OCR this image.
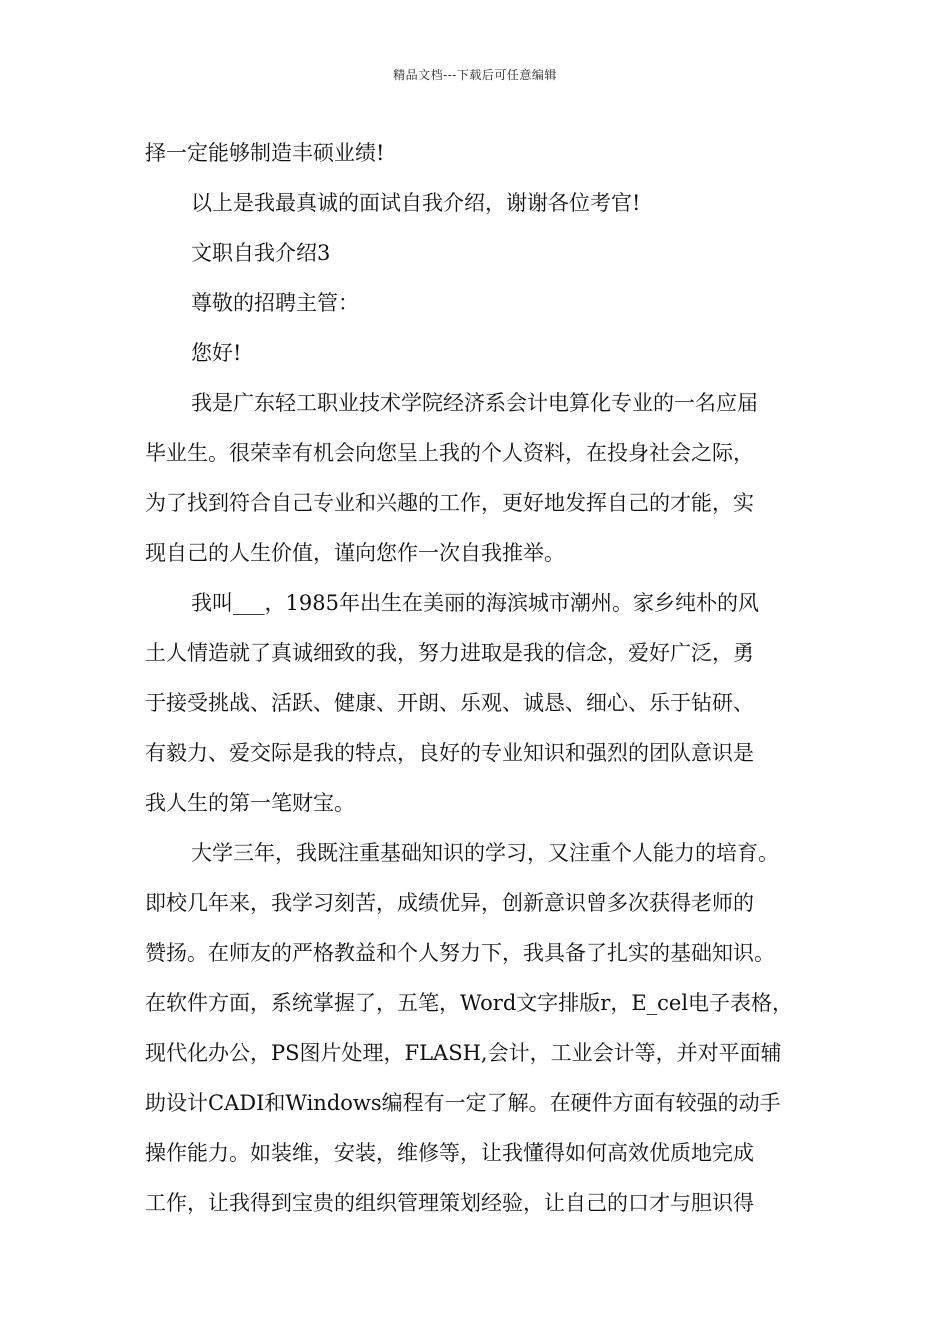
精品文档---下载后可任意编辑
择一定能够制造丰硕业绩!
以上是我最真诚的面试自我介绍，谢谢各位考官!
文职自我介绍3
尊敬的招聘主管：
您好!
我是广东轻工职业技术学院经济系会计电算化专业的一名应届
毕业生。很荣幸有机会向您呈上我的个人资料，在投身社会之际，
为了找到符合自己专业和兴趣的工作，更好地发挥自己的才能，实
现自己的人生价值，谨向您作一次自我推举。
我叫___，1985年出生在美丽的海滨城市潮州。家乡纯朴的风
土人情造就了真诚细致的我，努力进取是我的信念，爱好广泛，勇
于接受挑战、活跃、健康、开朗、乐观、诚恳、细心、乐于钻研、
有毅力、爱交际是我的特点，良好的专业知识和强烈的团队意识是
我人生的第一笔财宝。
大学三年，我既注重基础知识的学习，又注重个人能力的培育。
即校几年来，我学习刻苦，成绩优异，创新意识曾多次获得老师的
赞扬。在师友的严格教益和个人努力下，我具备了扎实的基础知识。
在软件方面，系统掌握了，五笔，Word文字排版r，E_cel电子表格，
现代化办公，PS图片处理，FLASH,会计，工业会计等，并对平面辅
助设计CADI和Windows编程有一定了解。在硬件方面有较强的动手
操作能力。如装维，安装，维修等，让我懂得如何高效优质地完成
工作，让我得到宝贵的组织管理策划经验，让自己的口才与胆识得
